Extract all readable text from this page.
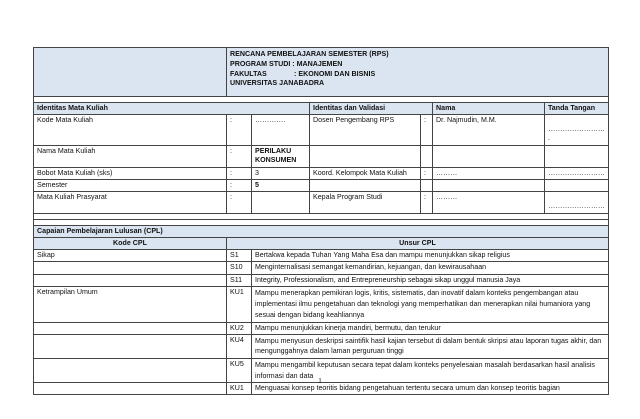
	RENCANA PEMBELAJARAN SEMESTER (RPS)
PROGRAM STUDI : MANAJEMEN
FAKULTAS : EKONOMI DAN BISNIS
UNIVERSITAS JANABADRA					

Identitas Mata Kuliah			Identitas dan Validasi		Nama	Tanda Tangan
Kode Mata Kuliah	:	………….	Dosen Pengembang RPS	:	Dr. Najmudin, M.M.	……………………
.

Nama Mata Kuliah	:	PERILAKU KONSUMEN				
Bobot Mata Kuliah (sks)	:	3	Koord. Kelompok Mata Kuliah	:	………	……………………
Semester	:	5				
Mata Kuliah Prasyarat	:		Kepala Program Studi	:	………	……………………

Capaian Pembelajaran Lulusan (CPL)						
Kode CPL	Unsur CPL					
Sikap	S1	Bertakwa kepada Tuhan Yang Maha Esa dan mampu menunjukkan sikap religius				
	S10	Menginternalisasi semangat kemandirian, kejuangan, dan kewirausahaan				
	S11	Integrity, Professionalism, and Entrepreneurship sebagai sikap unggul manusia Jaya				
Ketrampilan Umum	KU1	Mampu menerapkan pemikiran logis, kritis, sistematis, dan inovatif dalam konteks pengembangan atau implementasi ilmu pengetahuan dan teknologi yang memperhatikan dan menerapkan nilai humaniora yang sesuai dengan bidang keahliannya				
	KU2	Mampu menunjukkan kinerja mandiri, bermutu, dan terukur				
	KU4	Mampu menyusun deskripsi saintifik hasil kajian tersebut di dalam bentuk skripsi atau laporan tugas akhir, dan mengunggahnya dalam laman perguruan tinggi				
	KU5	Mampu mengambil keputusan secara tepat dalam konteks penyelesaian masalah berdasarkan hasil analisis informasi dan data				
	KU1	Menguasai konsep teoritis bidang pengetahuan tertentu secara umum dan konsep teoritis bagian				
1
